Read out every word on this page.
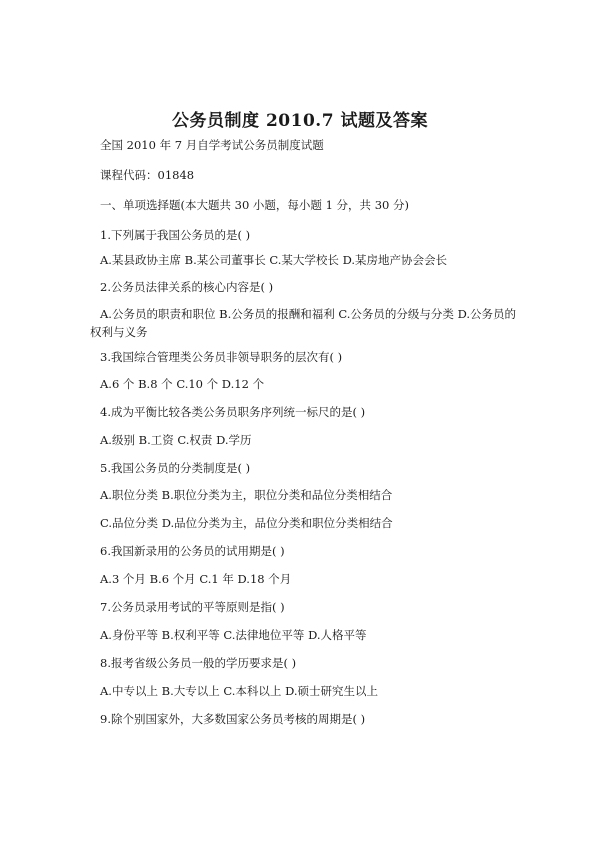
公务员制度 2010.7 试题及答案
全国 2010 年 7 月自学考试公务员制度试题
课程代码：01848
一、单项选择题(本大题共 30 小题，每小题 1 分，共 30 分)
1.下列属于我国公务员的是( )
A.某县政协主席 B.某公司董事长 C.某大学校长 D.某房地产协会会长
2.公务员法律关系的核心内容是( )
A.公务员的职责和职位 B.公务员的报酬和福利 C.公务员的分级与分类 D.公务员的权利与义务
3.我国综合管理类公务员非领导职务的层次有( )
A.6 个 B.8 个 C.10 个 D.12 个
4.成为平衡比较各类公务员职务序列统一标尺的是( )
A.级别 B.工资 C.权责 D.学历
5.我国公务员的分类制度是( )
A.职位分类 B.职位分类为主，职位分类和品位分类相结合
C.品位分类 D.品位分类为主，品位分类和职位分类相结合
6.我国新录用的公务员的试用期是( )
A.3 个月 B.6 个月 C.1 年 D.18 个月
7.公务员录用考试的平等原则是指( )
A.身份平等 B.权利平等 C.法律地位平等 D.人格平等
8.报考省级公务员一般的学历要求是( )
A.中专以上 B.大专以上 C.本科以上 D.硕士研究生以上
9.除个别国家外，大多数国家公务员考核的周期是( )
